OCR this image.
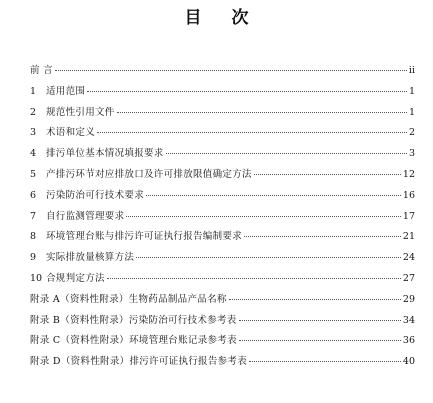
目 次
前 言	ii
1	适用范围	1
2	规范性引用文件	1
3	术语和定义	2
4	排污单位基本情况填报要求	3
5	产排污环节对应排放口及许可排放限值确定方法	12
6	污染防治可行技术要求	16
7	自行监测管理要求	17
8	环境管理台账与排污许可证执行报告编制要求	21
9	实际排放量核算方法	24
10 合规判定方法	27
附录 A（资料性附录）生物药品制品产品名称	29
附录 B（资料性附录）污染防治可行技术参考表	34
附录 C（资料性附录）环境管理台账记录参考表	36
附录 D（资料性附录）排污许可证执行报告参考表	40
